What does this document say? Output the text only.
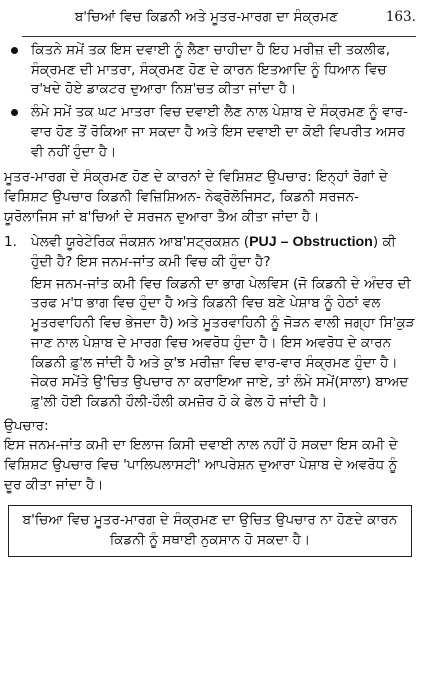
ਬ'ਚਿਆਂ ਵਿਚ ਕਿਡਨੀ ਅਤੇ ਮੂਤਰ-ਮਾਰਗ ਦਾ ਸੰਕ੍ਰਮਣ	163.
ਕਿਤਨੇ ਸਮੇਂ ਤਕ ਇਸ ਦਵਾਈ ਨੂੰ ਲੈਣਾ ਚਾਹੀਦਾ ਹੈ ਇਹ ਮਰੀਜ਼ ਦੀ ਤਕਲੀਫ, ਸੰਕ੍ਰਮਣ ਦੀ ਮਾਤਰਾ, ਸੰਕ੍ਰਮਣ ਹੋਣ ਦੇ ਕਾਰਨ ਇਤਆਦਿ ਨੂੰ ਧਿਆਨ ਵਿਚ ਰ'ਖਦੇ ਹੋਏ ਡਾਕਟਰ ਦੁਆਰਾ ਨਿਸ਼'ਚਤ ਕੀਤਾ ਜਾਂਦਾ ਹੈ।
ਲੰਮੇ ਸਮੇਂ ਤਕ ਘਟ ਮਾਤਰਾ ਵਿਚ ਦਵਾਈ ਲੈਣ ਨਾਲ ਪੇਸ਼ਾਬ ਦੇ ਸੰਕ੍ਰਮਣ ਨੂੰ ਵਾਰ-ਵਾਰ ਹੋਣ ਤੋਂ ਰੋਕਿਆ ਜਾ ਸਕਦਾ ਹੈ ਅਤੇ ਇਸ ਦਵਾਈ ਦਾ ਕੋਈ ਵਿਪਰੀਤ ਅਸਰ ਵੀ ਨਹੀਂ ਹੁੰਦਾ ਹੈ।

ਮੂਤਰ-ਮਾਰਗ ਦੇ ਸੰਕ੍ਰਮਣ ਹੋਣ ਦੇ ਕਾਰਨਾਂ ਦੇ ਵਿਸ਼ਿਸ਼ਟ ਉਪਚਾਰ: ਇਨ੍ਹਾਂ ਰੋਗਾਂ ਦੇ ਵਿਸ਼ਿਸ਼ਟ ਉਪਚਾਰ ਕਿਡਨੀ ਵਿਜ਼ਿਸ਼ਿਅਨ- ਨੇਫ੍ਰੋਲੋਜਿਸਟ, ਕਿਡਨੀ ਸਰਜਨ- ਯੂਰੋਲਾਜਿਸ ਜਾਂ ਬ'ਚਿਆਂ ਦੇ ਸਰਜਨ ਦੁਆਰਾ ਤੈਅ ਕੀਤਾ ਜਾਂਦਾ ਹੈ।

1. ਪੇਲਵੀ ਯੂਰੇਟੇਰਿਕ ਜੰਕਸ਼ਨ ਆਬ'ਸਟ੍ਰਕਸ਼ਨ (PUJ – Obstruction) ਕੀ ਹੁੰਦੀ ਹੈ? ਇਸ ਜਨਮ-ਜਾਂਤ ਕਮੀ ਵਿਚ ਕੀ ਹੁੰਦਾ ਹੈ?

ਇਸ ਜਨਮ-ਜਾਂਤ ਕਮੀ ਵਿਚ ਕਿਡਨੀ ਦਾ ਭਾਗ ਪੇਲਵਿਸ (ਜੋ ਕਿਡਨੀ ਦੇ ਅੰਦਰ ਦੀ ਤਰਫ ਮ'ਧ ਭਾਗ ਵਿਚ ਹੁੰਦਾ ਹੈ ਅਤੇ ਕਿਡਨੀ ਵਿਚ ਬਣੇ ਪੇਸ਼ਾਬ ਨੂੰ ਹੇਠਾਂ ਵਲ ਮੂਤਰਵਾਹਿਨੀ ਵਿਚ ਭੇਜਦਾ ਹੈ) ਅਤੇ ਮੂਤਰਵਾਹਿਨੀ ਨੂੰ ਜੋੜਨ ਵਾਲੀ ਜਗ੍ਹਾ ਸਿ'ਕੁੜ ਜਾਣ ਨਾਲ ਪੇਸ਼ਾਬ ਦੇ ਮਾਰਗ ਵਿਚ ਅਵਰੋਧ ਹੁੰਦਾ ਹੈ। ਇਸ ਅਵਰੋਧ ਦੇ ਕਾਰਨ ਕਿਡਨੀ ਫ਼ੁ'ਲ ਜਾਂਦੀ ਹੈ ਅਤੇ ਕੁ'ਝ ਮਰੀਜ਼ਾ ਵਿਚ ਵਾਰ-ਵਾਰ ਸੰਕ੍ਰਮਣ ਹੁੰਦਾ ਹੈ। ਜੇਕਰ ਸਮੇਂਤੇ ਉ'ਚਿਤ ਉਪਚਾਰ ਨਾ ਕਰਾਇਆ ਜਾਏ, ਤਾਂ ਲੰਮੇ ਸਮੇਂ(ਸਾਲਾ) ਬਾਅਦ ਫ਼ੁ'ਲੀ ਹੋਈ ਕਿਡਨੀ ਹੌਲੀ-ਹੌਲੀ ਕਮਜ਼ੋਰ ਹੋ ਕੇ ਫੇਲ ਹੋ ਜਾਂਦੀ ਹੈ।

ਉਪਚਾਰ:

ਇਸ ਜਨਮ-ਜਾਂਤ ਕਮੀ ਦਾ ਇਲਾਜ ਕਿਸੀ ਦਵਾਈ ਨਾਲ ਨਹੀਂ ਹੋ ਸਕਦਾ ਇਸ ਕਮੀ ਦੇ ਵਿਸ਼ਿਸ਼ਟ ਉਪਚਾਰ ਵਿਚ 'ਪਾਲਿਪਲਾਸਟੀ' ਆਪਰੇਸ਼ਨ ਦੁਆਰਾ ਪੇਸ਼ਾਬ ਦੇ ਅਵਰੋਧ ਨੂੰ ਦੂਰ ਕੀਤਾ ਜਾਂਦਾ ਹੈ।

ਬ'ਚਿਆ ਵਿਚ ਮੂਤਰ-ਮਾਰਗ ਦੇ ਸੰਕ੍ਰਮਣ ਦਾ ਉਚਿਤ ਉਪਚਾਰ ਨਾ ਹੋਣਦੇ ਕਾਰਨ ਕਿਡਨੀ ਨੂੰ ਸਥਾਈ ਨੁਕਸਾਨ ਹੋ ਸਕਦਾ ਹੈ।
